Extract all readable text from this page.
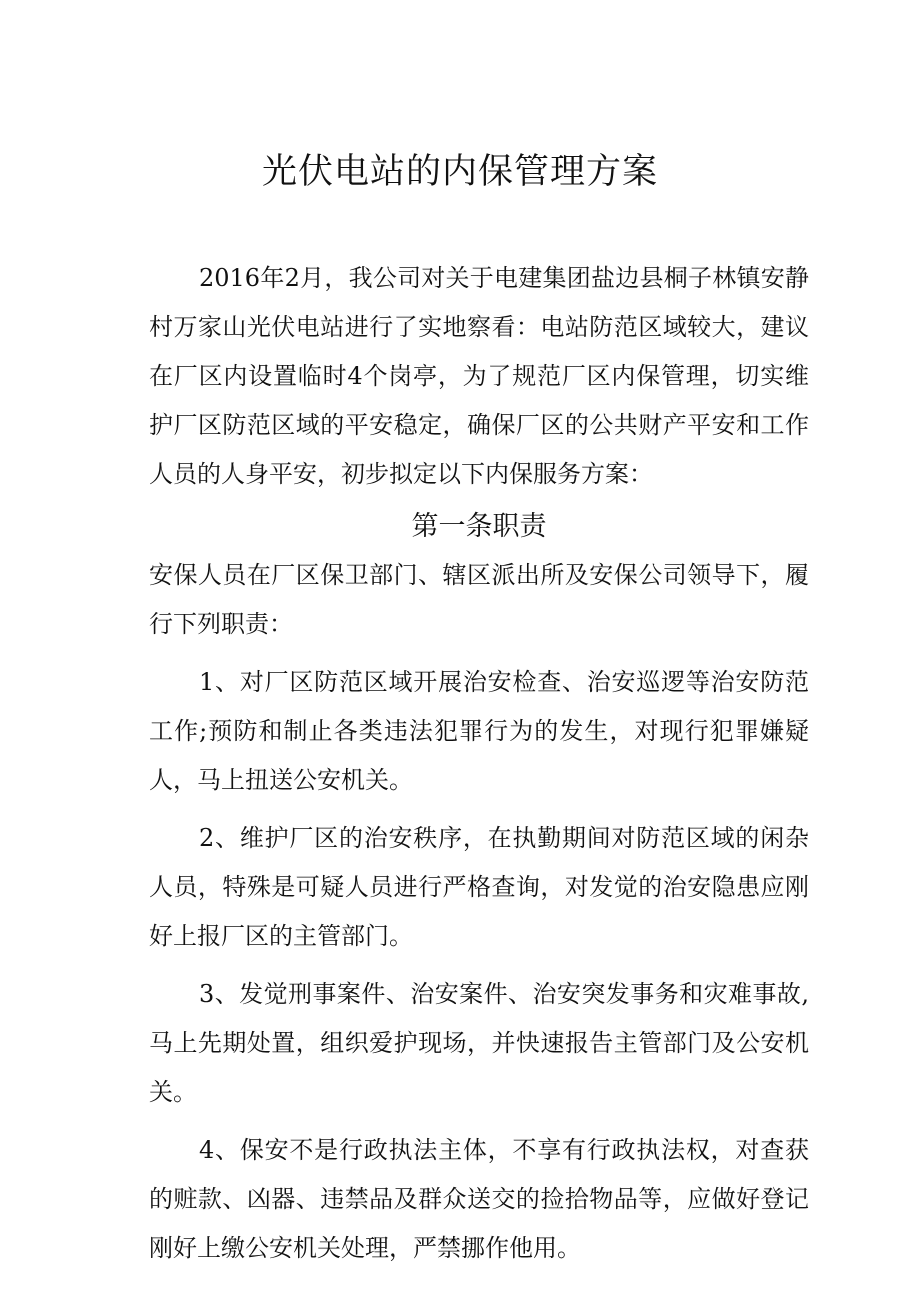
光伏电站的内保管理方案

2016年2月，我公司对关于电建集团盐边县桐子林镇安静村万家山光伏电站进行了实地察看：电站防范区域较大，建议在厂区内设置临时4个岗亭，为了规范厂区内保管理，切实维护厂区防范区域的平安稳定，确保厂区的公共财产平安和工作人员的人身平安，初步拟定以下内保服务方案：

第一条职责

安保人员在厂区保卫部门、辖区派出所及安保公司领导下，履行下列职责：

1、对厂区防范区域开展治安检查、治安巡逻等治安防范工作;预防和制止各类违法犯罪行为的发生，对现行犯罪嫌疑人，马上扭送公安机关。

2、维护厂区的治安秩序，在执勤期间对防范区域的闲杂人员，特殊是可疑人员进行严格查询，对发觉的治安隐患应刚好上报厂区的主管部门。

3、发觉刑事案件、治安案件、治安突发事务和灾难事故,马上先期处置，组织爱护现场，并快速报告主管部门及公安机关。

4、保安不是行政执法主体，不享有行政执法权，对查获的赃款、凶器、违禁品及群众送交的捡拾物品等，应做好登记刚好上缴公安机关处理，严禁挪作他用。
